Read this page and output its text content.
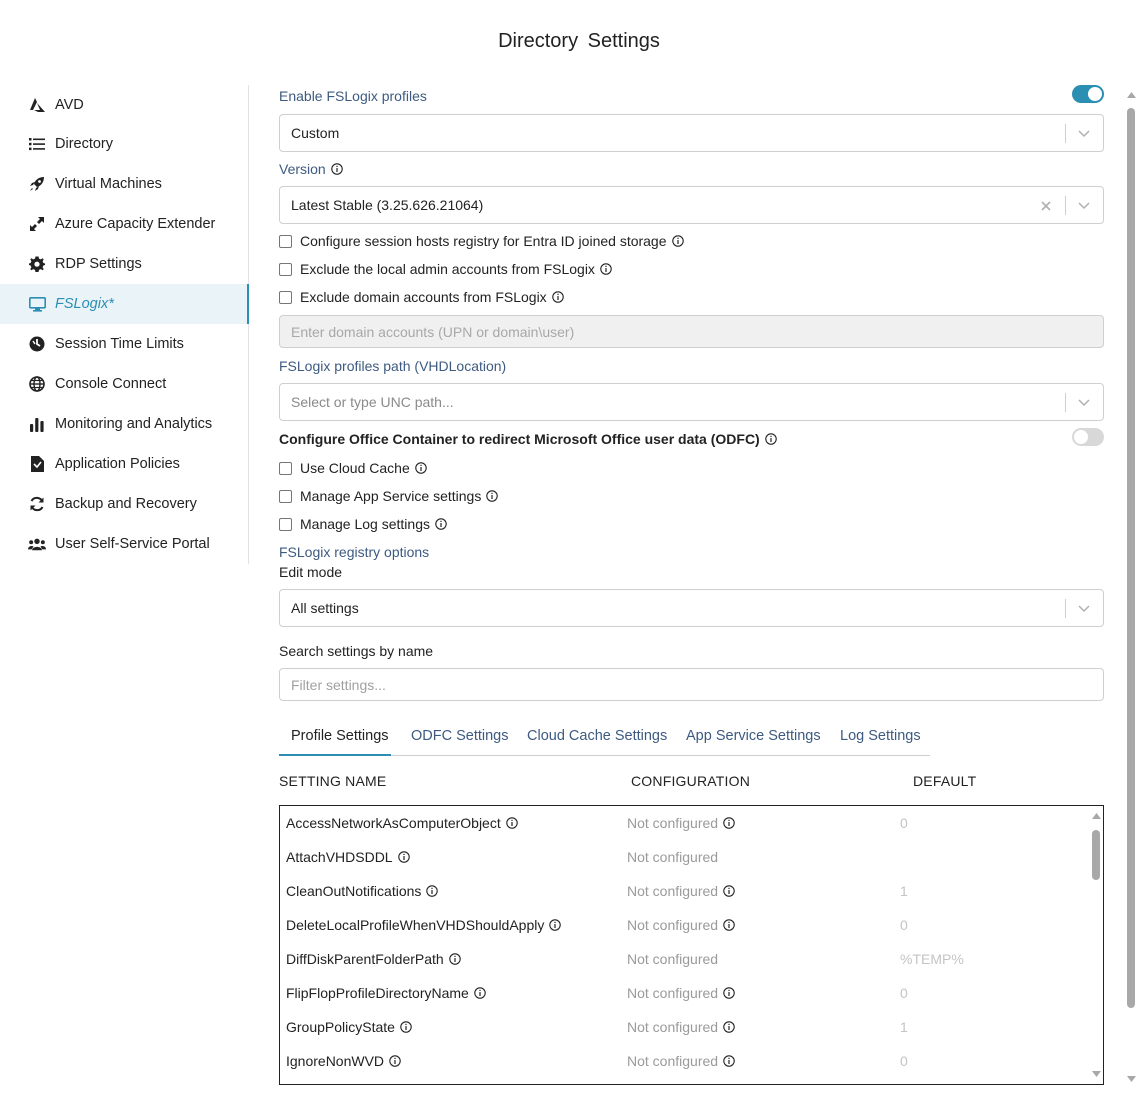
Directory Settings
AVD
Directory
Virtual Machines
Azure Capacity Extender
RDP Settings
FSLogix*
Session Time Limits
Console Connect
Monitoring and Analytics
Application Policies
Backup and Recovery
User Self-Service Portal
Enable FSLogix profiles
Custom
Version
Latest Stable (3.25.626.21064)
Configure session hosts registry for Entra ID joined storage
Exclude the local admin accounts from FSLogix
Exclude domain accounts from FSLogix
Enter domain accounts (UPN or domain\user)
FSLogix profiles path (VHDLocation)
Select or type UNC path...
Configure Office Container to redirect Microsoft Office user data (ODFC)
Use Cloud Cache
Manage App Service settings
Manage Log settings
FSLogix registry options
Edit mode
All settings
Search settings by name
Filter settings...
Profile Settings ODFC Settings Cloud Cache Settings App Service Settings Log Settings
SETTING NAME	CONFIGURATION	DEFAULT
AccessNetworkAsComputerObject	Not configured	0
AttachVHDSDDL	Not configured
CleanOutNotifications	Not configured	1
DeleteLocalProfileWhenVHDShouldApply	Not configured	0
DiffDiskParentFolderPath	Not configured	%TEMP%
FlipFlopProfileDirectoryName	Not configured	0
GroupPolicyState	Not configured	1
IgnoreNonWVD	Not configured	0
